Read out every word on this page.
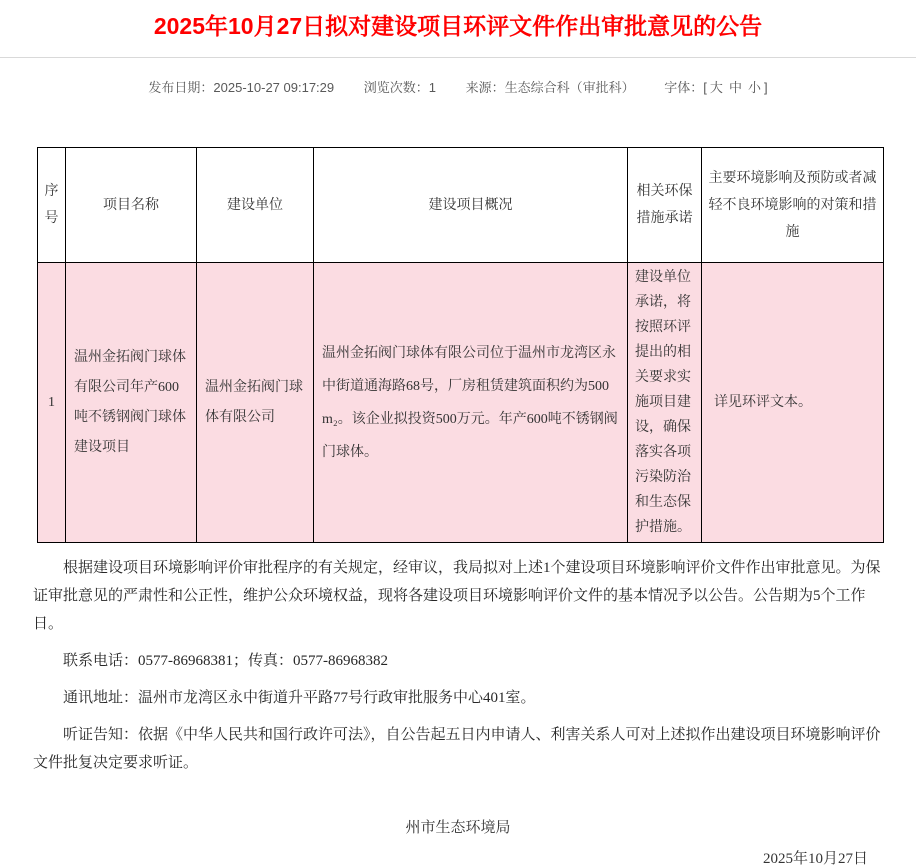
2025年10月27日拟对建设项目环评文件作出审批意见的公告
发布日期：2025-10-27 09:17:29 浏览次数：1 来源：生态综合科（审批科） 字体：[ 大 中 小 ]
序号	项目名称	建设单位	建设项目概况	相关环保措施承诺	主要环境影响及预防或者减轻不良环境影响的对策和措施
1	温州金拓阀门球体有限公司年产600吨不锈钢阀门球体建设项目	温州金拓阀门球体有限公司	温州金拓阀门球体有限公司位于温州市龙湾区永中街道通海路68号，厂房租赁建筑面积约为500m₂。该企业拟投资500万元。年产600吨不锈钢阀门球体。	建设单位承诺，将按照环评提出的相关要求实施项目建设，确保落实各项污染防治和生态保护措施。	详见环评文本。

根据建设项目环境影响评价审批程序的有关规定，经审议，我局拟对上述1个建设项目环境影响评价文件作出审批意见。为保证审批意见的严肃性和公正性，维护公众环境权益，现将各建设项目环境影响评价文件的基本情况予以公告。公告期为5个工作日。

联系电话：0577-86968381；传真：0577-86968382

通讯地址：温州市龙湾区永中街道升平路77号行政审批服务中心401室。

听证告知：依据《中华人民共和国行政许可法》，自公告起五日内申请人、利害关系人可对上述拟作出建设项目环境影响评价文件批复决定要求听证。

州市生态环境局
2025年10月27日
